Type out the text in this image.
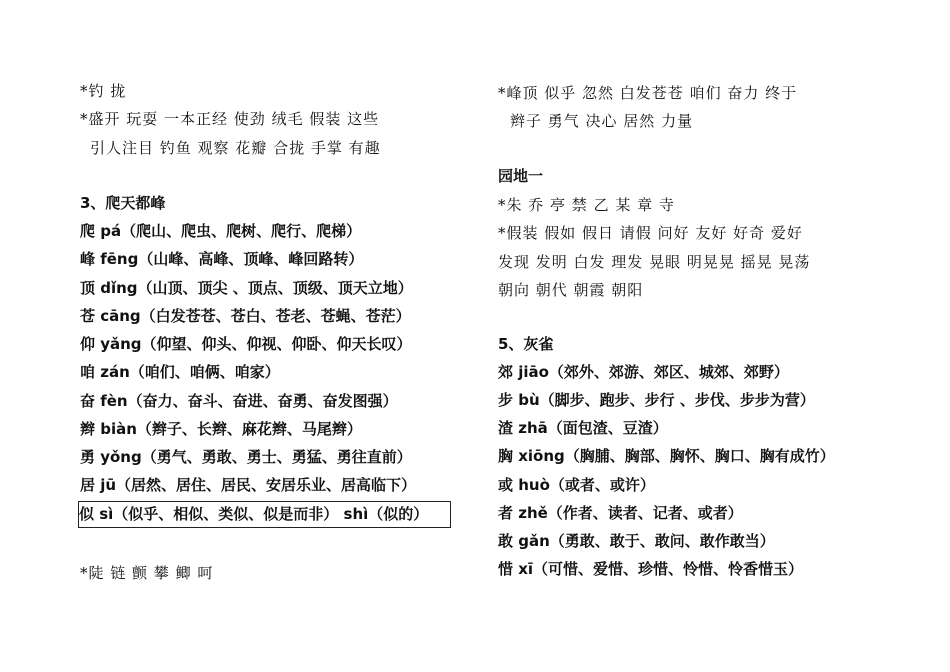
*钓 拢
*盛开 玩耍 一本正经 使劲 绒毛 假装 这些
引人注目 钓鱼 观察 花瓣 合拢 手掌 有趣
3、爬天都峰
爬 pá（爬山、爬虫、爬树、爬行、爬梯）
峰 fēng（山峰、高峰、顶峰、峰回路转）
顶 dǐng（山顶、顶尖 、顶点、顶级、顶天立地）
苍 cāng（白发苍苍、苍白、苍老、苍蝇、苍茫）
仰 yǎng（仰望、仰头、仰视、仰卧、仰天长叹）
咱 zán（咱们、咱俩、咱家）
奋 fèn（奋力、奋斗、奋进、奋勇、奋发图强）
辫 biàn（辫子、长辫、麻花辫、马尾辫）
勇 yǒng（勇气、勇敢、勇士、勇猛、勇往直前）
居 jū（居然、居住、居民、安居乐业、居高临下）
似 sì（似乎、相似、类似、似是而非） shì（似的）
*陡 链 颤 攀 鲫 呵
*峰顶 似乎 忽然 白发苍苍 咱们 奋力 终于
辫子 勇气 决心 居然 力量
园地一
*朱 乔 亭 禁 乙 某 章 寺
*假装 假如 假日 请假 问好 友好 好奇 爱好
发现 发明 白发 理发 晃眼 明晃晃 摇晃 晃荡
朝向 朝代 朝霞 朝阳
5、灰雀
郊 jiāo（郊外、郊游、郊区、城郊、郊野）
步 bù（脚步、跑步、步行 、步伐、步步为营）
渣 zhā（面包渣、豆渣）
胸 xiōng（胸脯、胸部、胸怀、胸口、胸有成竹）
或 huò（或者、或许）
者 zhě（作者、读者、记者、或者）
敢 gǎn（勇敢、敢于、敢问、敢作敢当）
惜 xī（可惜、爱惜、珍惜、怜惜、怜香惜玉）
